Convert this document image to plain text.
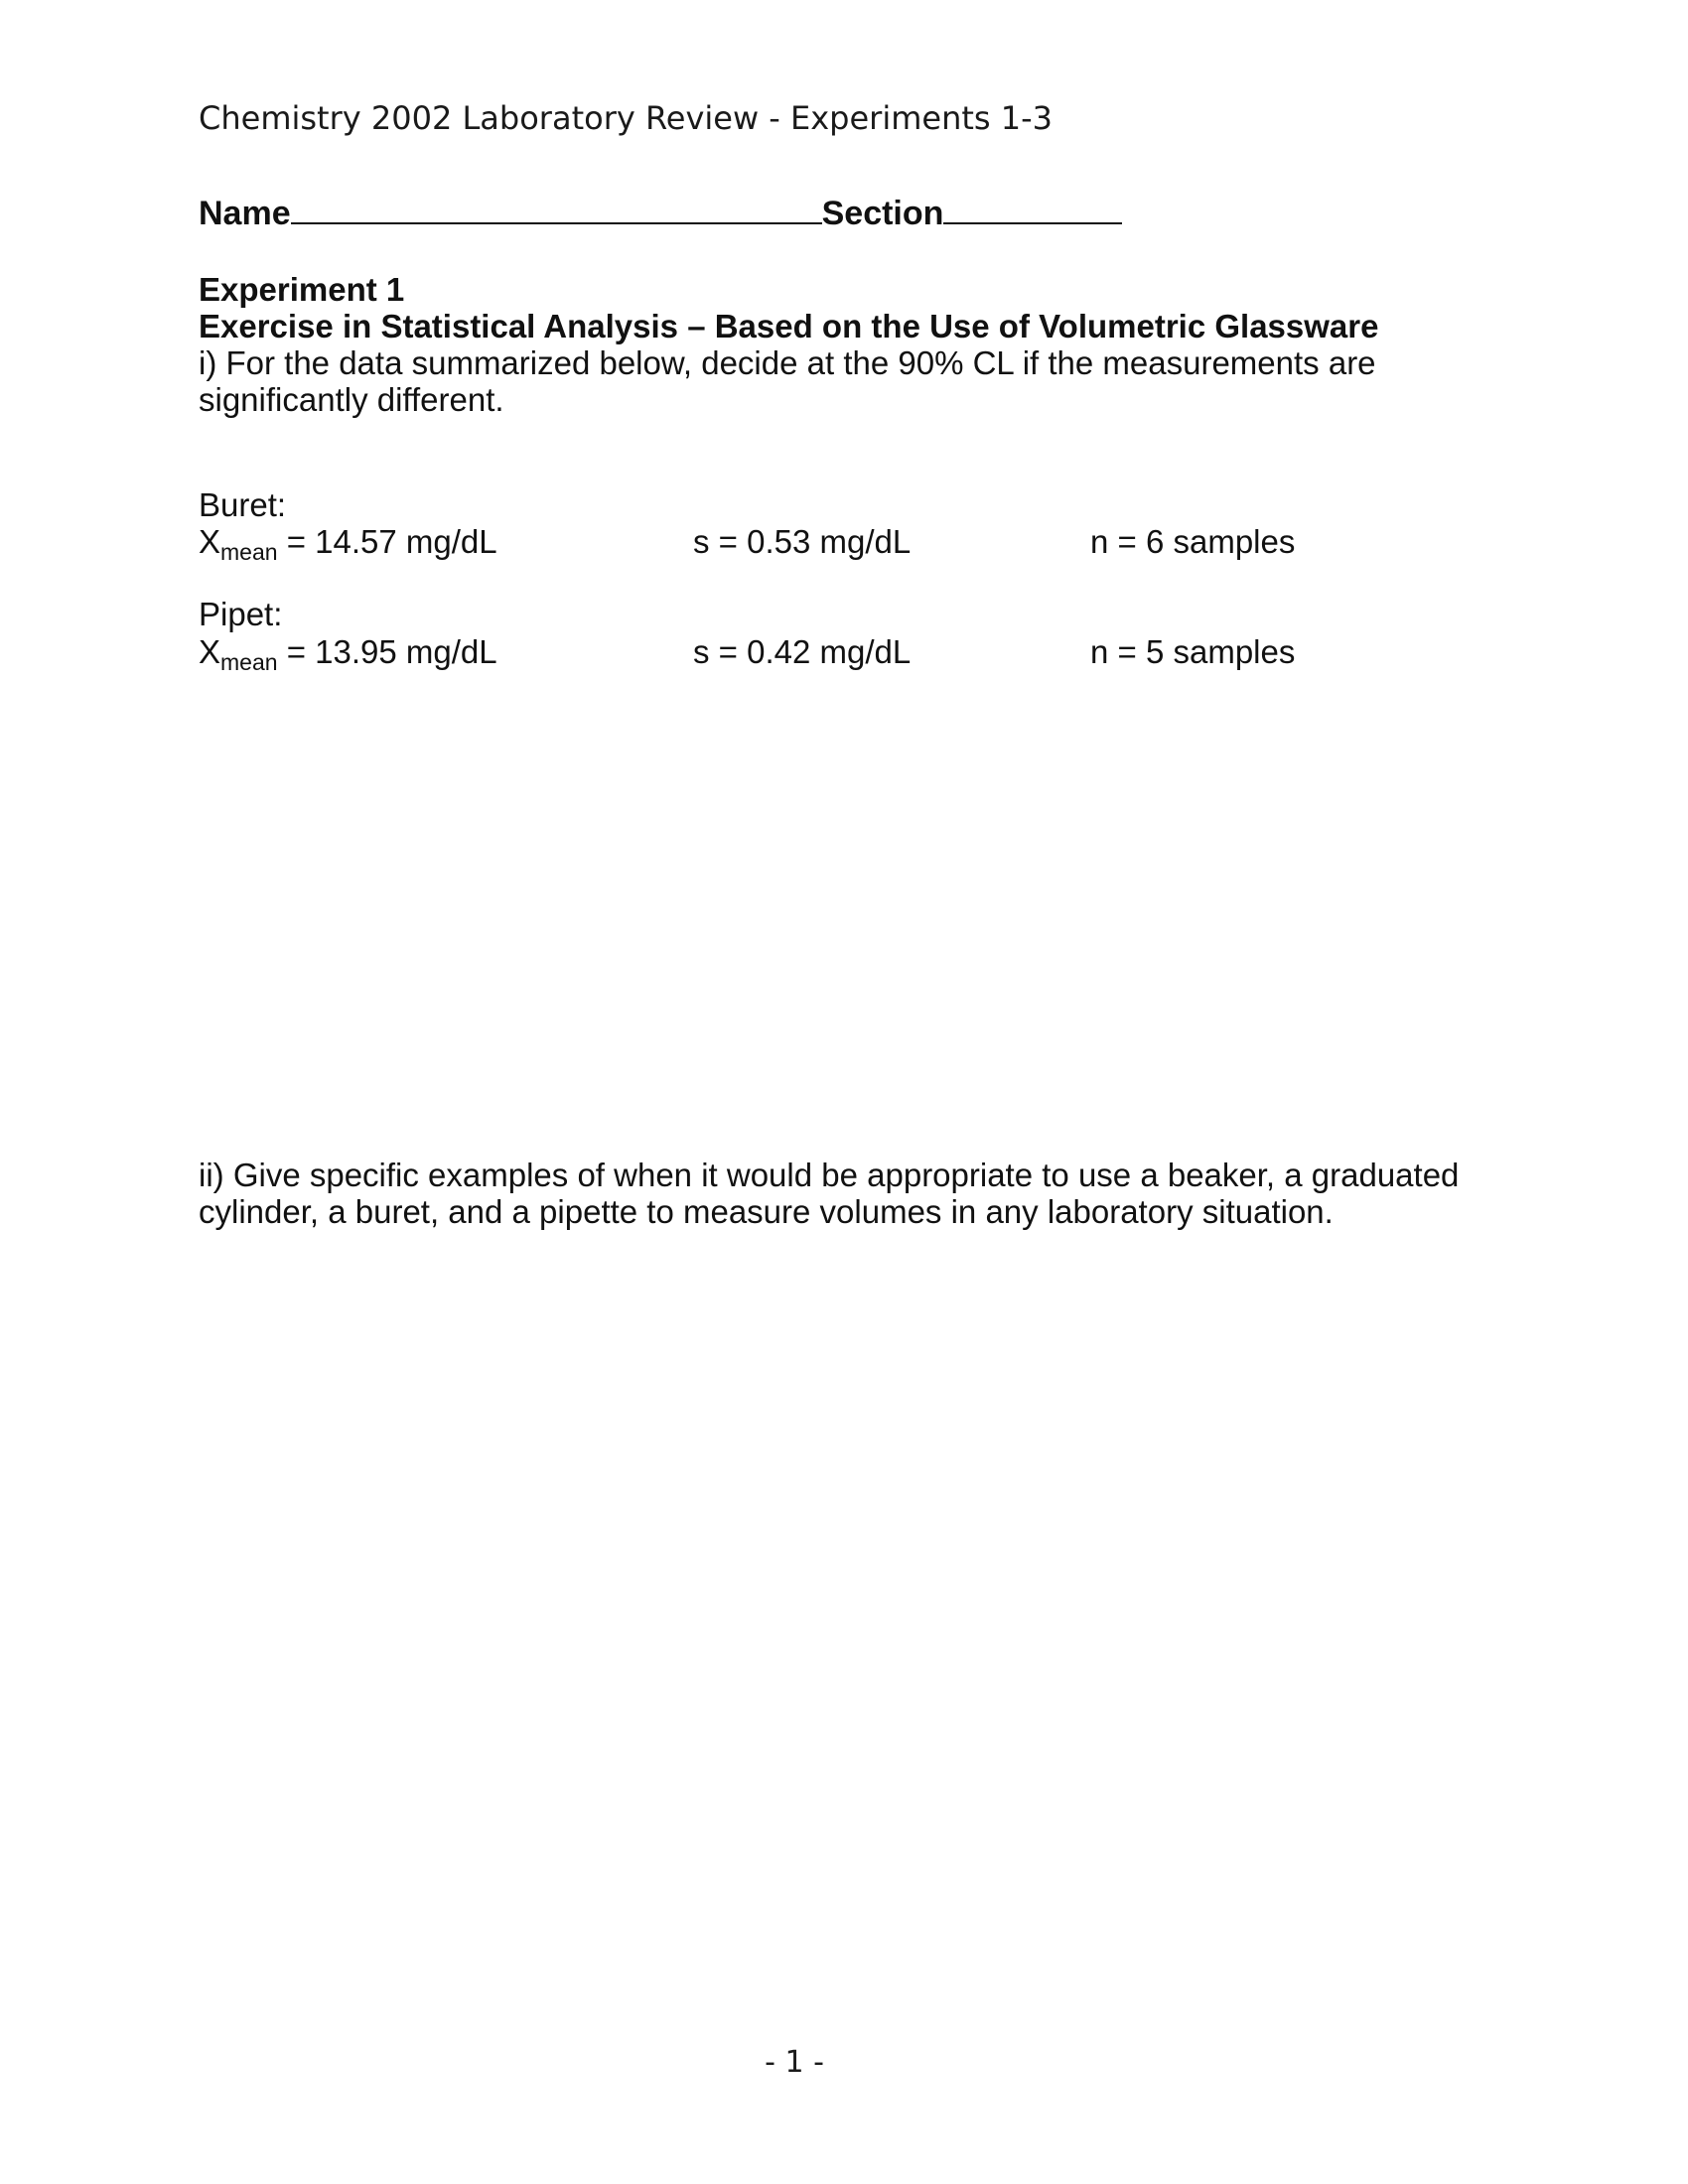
Chemistry 2002 Laboratory Review - Experiments 1-3
Name	Section
Experiment 1
Exercise in Statistical Analysis – Based on the Use of Volumetric Glassware
i) For the data summarized below, decide at the 90% CL if the measurements are significantly different.
Buret:
$X_{mean} = 14.57$ mg/dL	s = 0.53 mg/dL	n = 6 samples
Pipet:
$X_{mean} = 13.95$ mg/dL	s = 0.42 mg/dL	n = 5 samples
ii) Give specific examples of when it would be appropriate to use a beaker, a graduated cylinder, a buret, and a pipette to measure volumes in any laboratory situation.
- 1 -
